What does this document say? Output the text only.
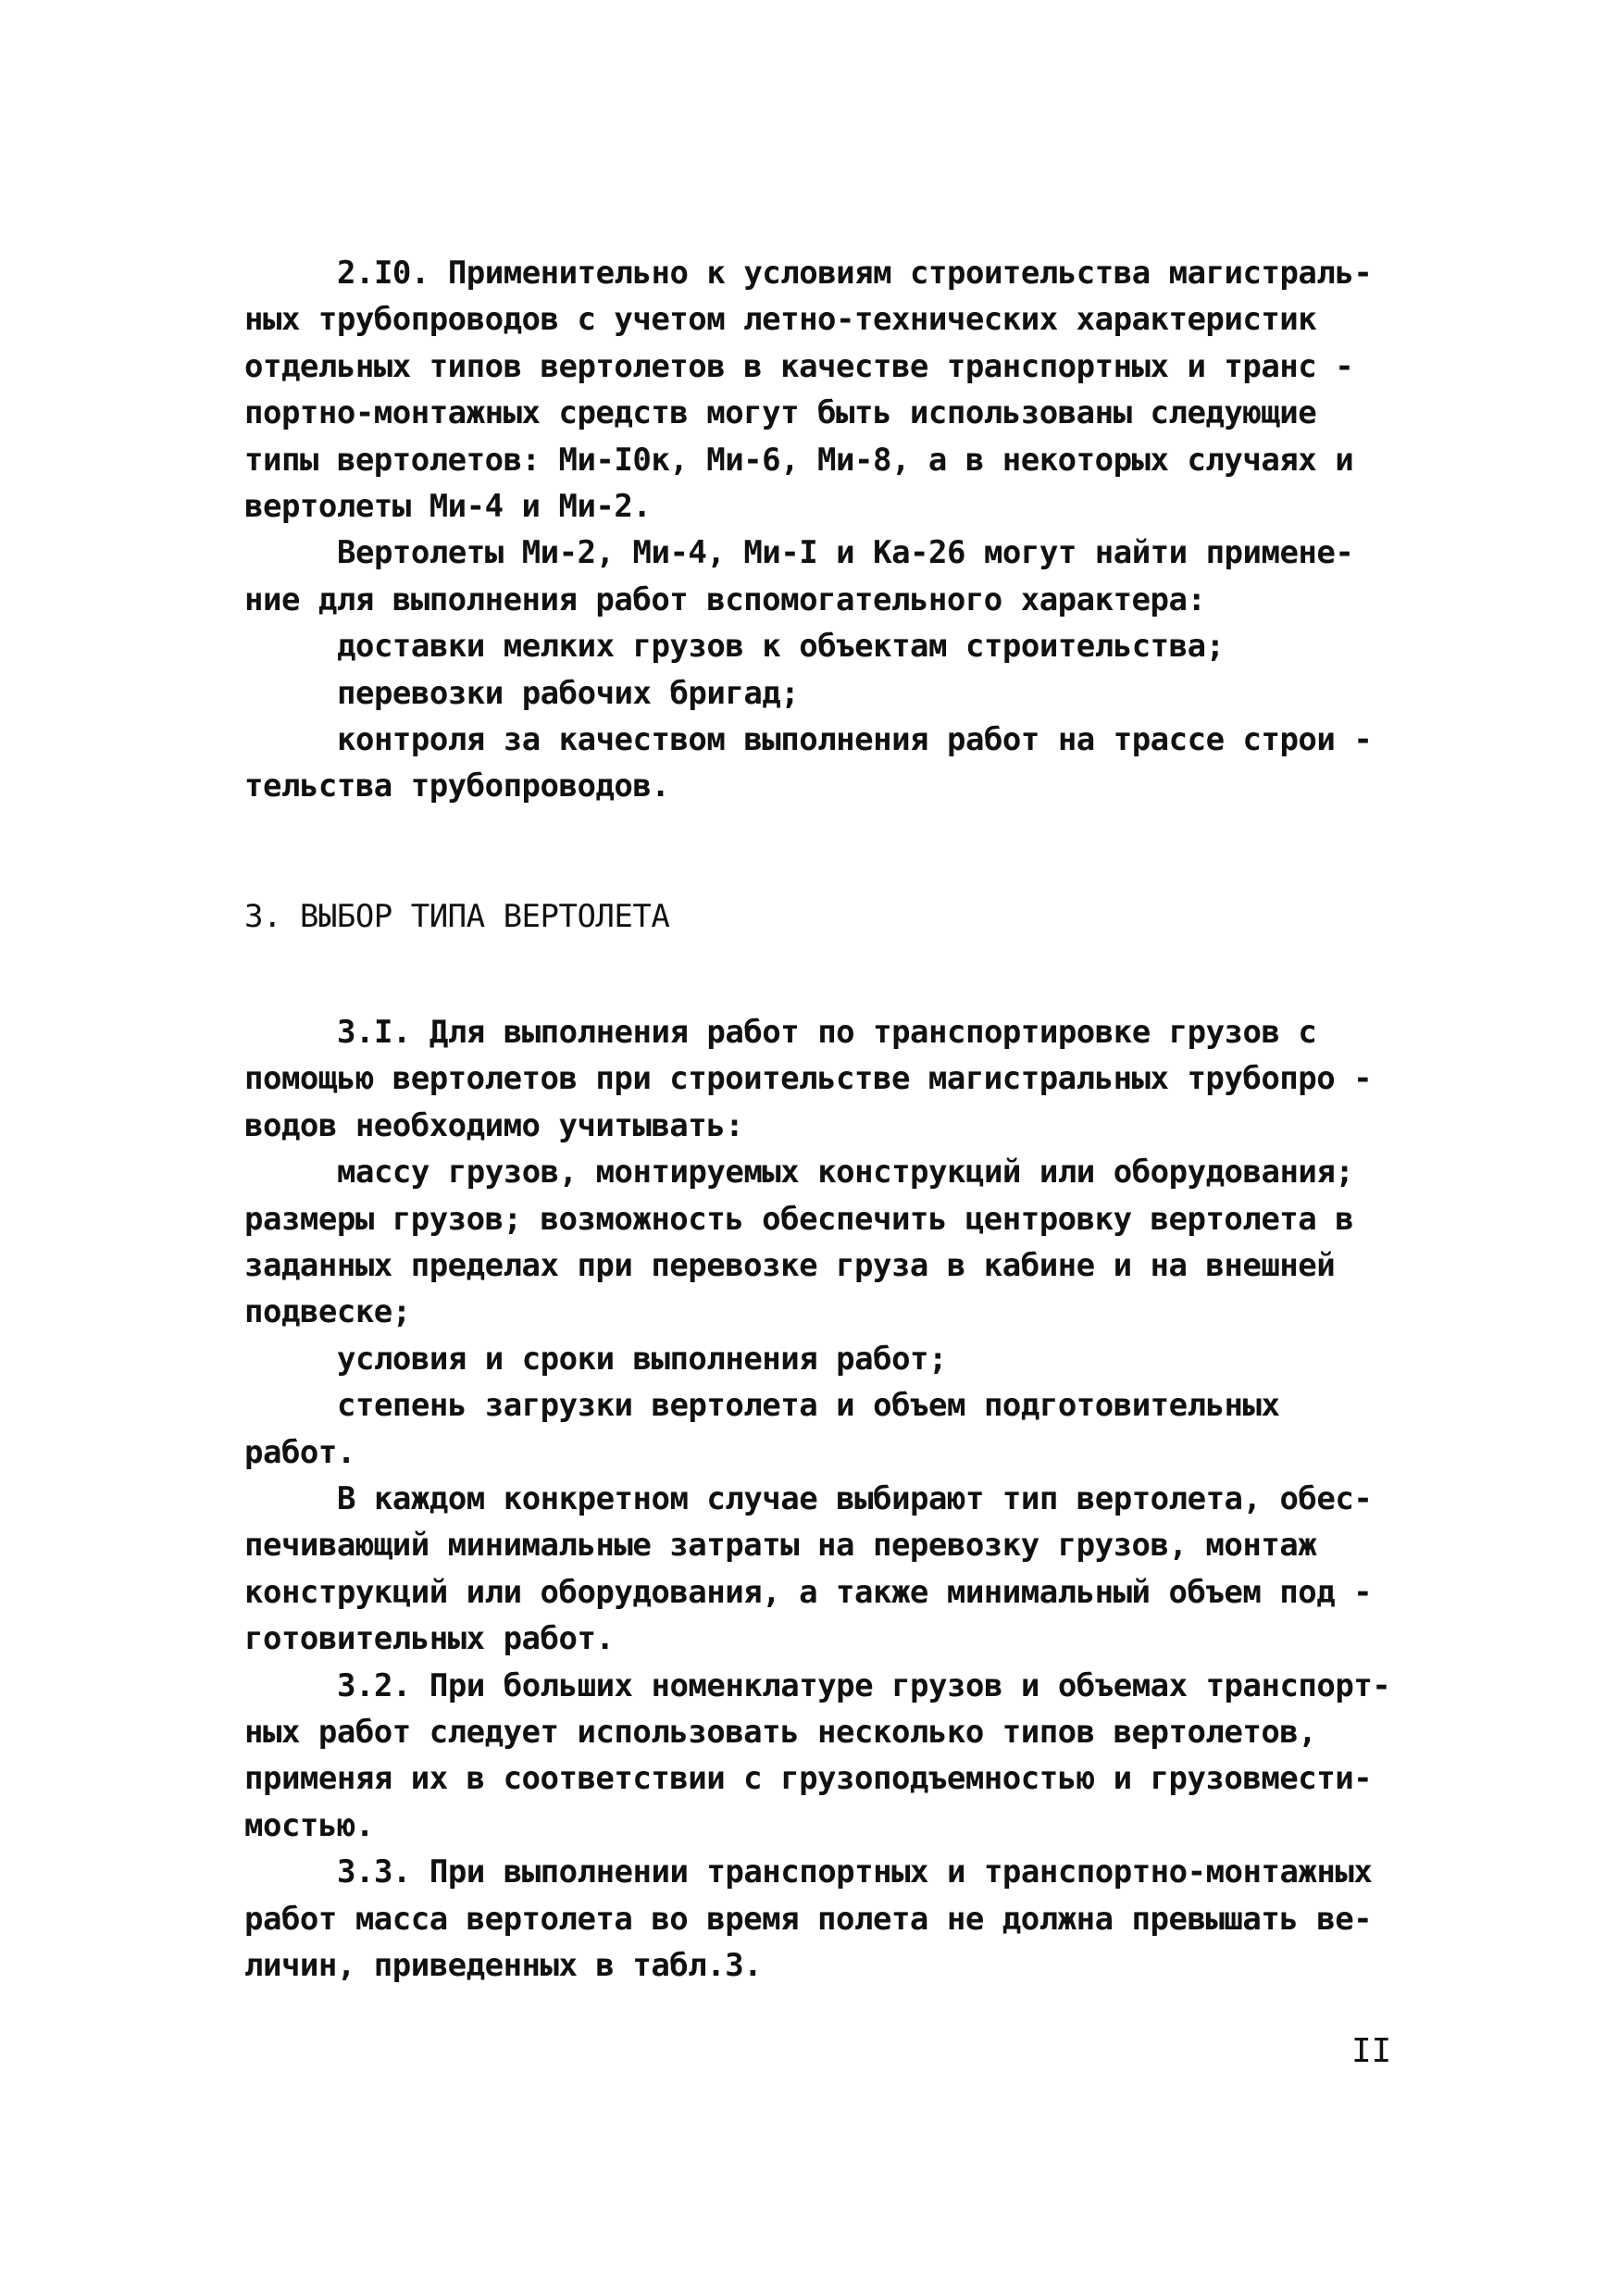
2.I0. Применительно к условиям строительства магистраль-
ных трубопроводов с учетом летно-технических характеристик
отдельных типов вертолетов в качестве транспортных и транс -
портно-монтажных средств могут быть использованы следующие
типы вертолетов: Ми-I0к, Ми-6, Ми-8, а в некоторых случаях и
вертолеты Ми-4 и Ми-2.
Вертолеты Ми-2, Ми-4, Ми-I и Ка-26 могут найти примене-
ние для выполнения работ вспомогательного характера:
доставки мелких грузов к объектам строительства;
перевозки рабочих бригад;
контроля за качеством выполнения работ на трассе строи -
тельства трубопроводов.
3. ВЫБОР ТИПА ВЕРТОЛЕТА
3.I. Для выполнения работ по транспортировке грузов с
помощью вертолетов при строительстве магистральных трубопро -
водов необходимо учитывать:
массу грузов, монтируемых конструкций или оборудования;
размеры грузов; возможность обеспечить центровку вертолета в
заданных пределах при перевозке груза в кабине и на внешней
подвеске;
условия и сроки выполнения работ;
степень загрузки вертолета и объем подготовительных
работ.
В каждом конкретном случае выбирают тип вертолета, обес-
печивающий минимальные затраты на перевозку грузов, монтаж
конструкций или оборудования, а также минимальный объем под -
готовительных работ.
3.2. При больших номенклатуре грузов и объемах транспорт-
ных работ следует использовать несколько типов вертолетов,
применяя их в соответствии с грузоподъемностью и грузовмести-
мостью.
3.3. При выполнении транспортных и транспортно-монтажных
работ масса вертолета во время полета не должна превышать ве-
личин, приведенных в табл.3.
II
